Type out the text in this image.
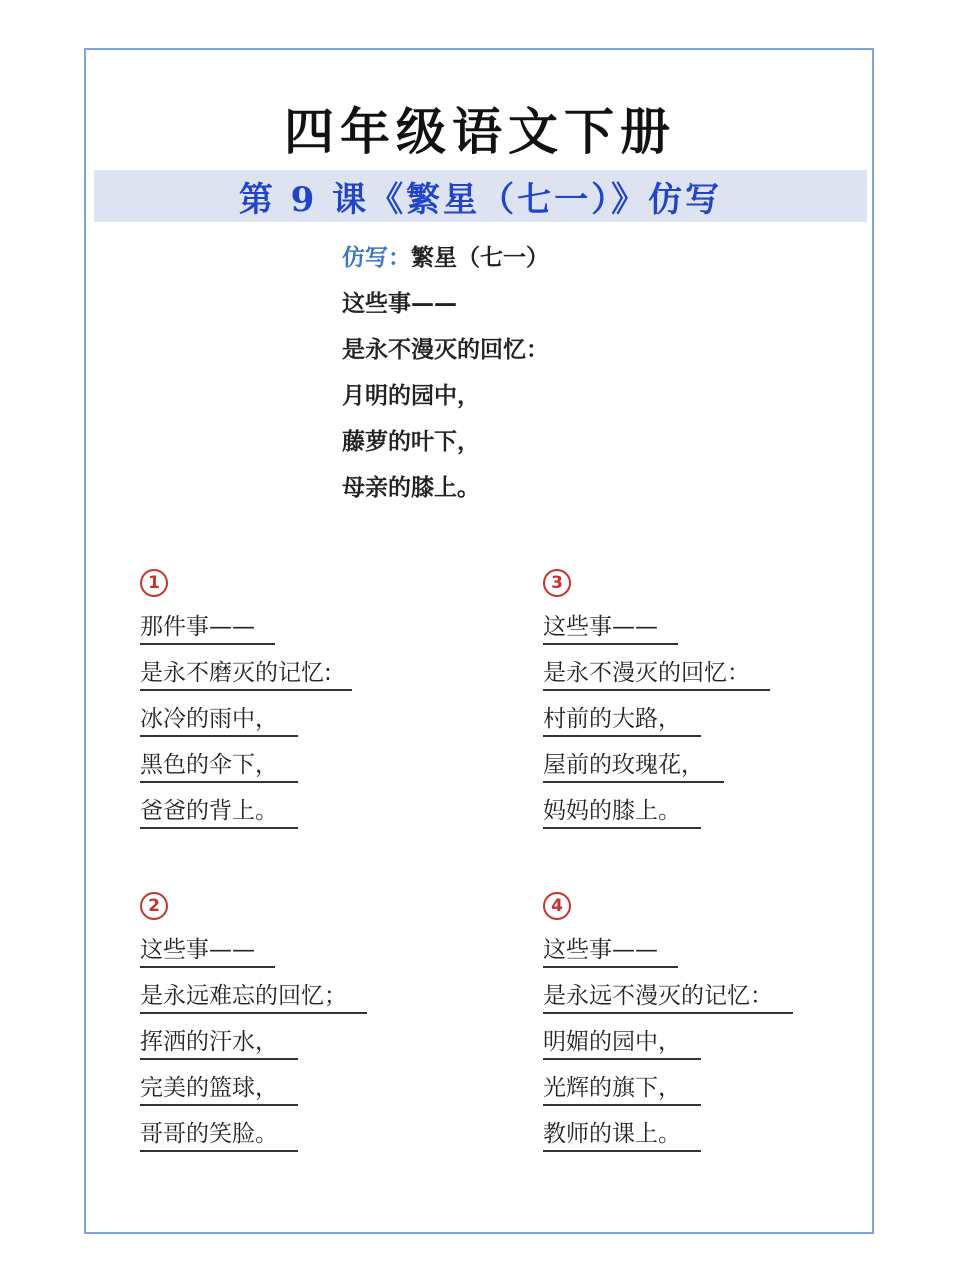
四年级语文下册
第 9 课《繁星（七一）》仿写
仿写：繁星（七一）
这些事——
是永不漫灭的回忆：
月明的园中，
藤萝的叶下，
母亲的膝上。
1
那件事——
是永不磨灭的记忆:
冰冷的雨中，
黑色的伞下，
爸爸的背上。
3
这些事——
是永不漫灭的回忆：
村前的大路，
屋前的玫瑰花，
妈妈的膝上。
2
这些事——
是永远难忘的回忆；
挥洒的汗水，
完美的篮球，
哥哥的笑脸。
4
这些事——
是永远不漫灭的记忆：
明媚的园中，
光辉的旗下，
教师的课上。
